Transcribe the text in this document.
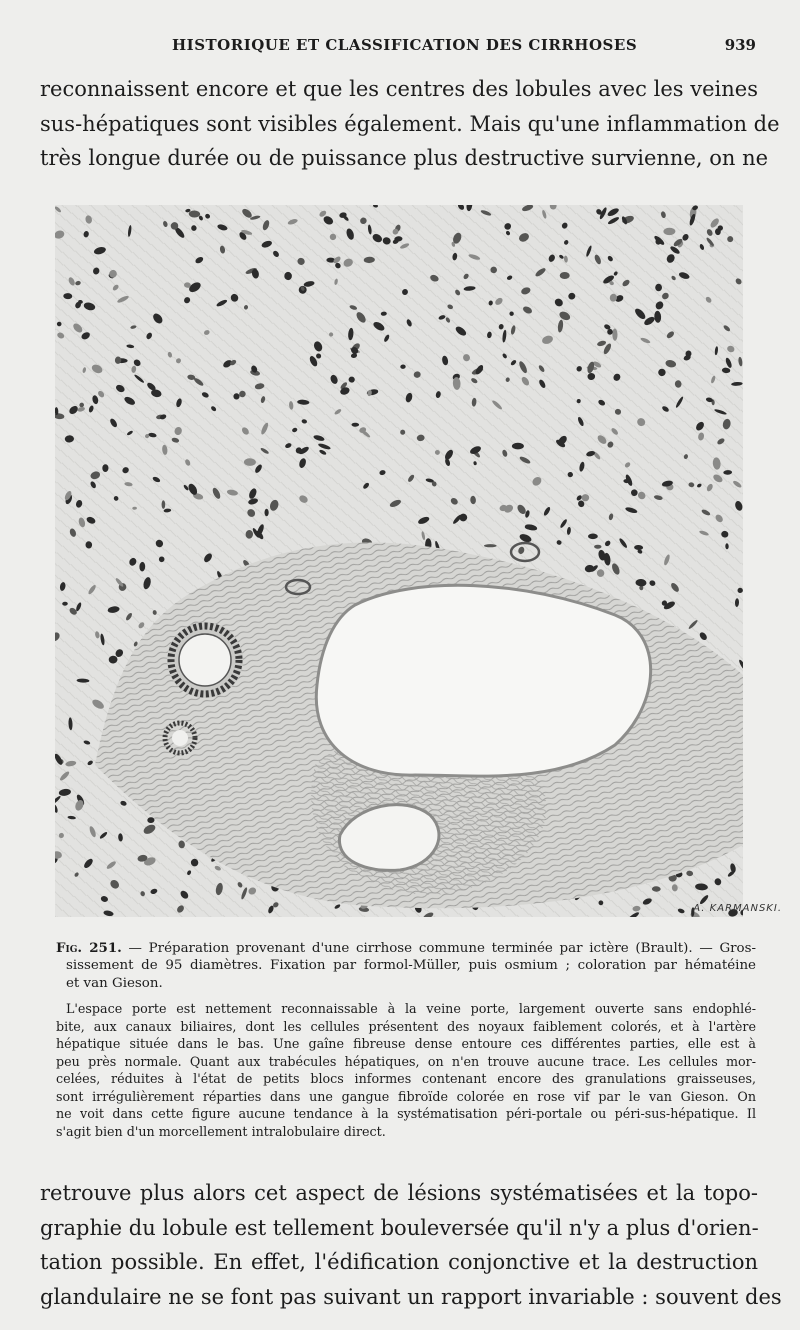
HISTORIQUE ET CLASSIFICATION DES CIRRHOSES	939

reconnaissent encore et que les centres des lobules avec les veines
sus-hépatiques sont visibles également. Mais qu'une inflammation de
très longue durée ou de puissance plus destructive survienne, on ne

A. KARMANSKI.

Fig. 251. — Préparation provenant d'une cirrhose commune terminée par ictère (Brault). — Gros-
sissement de 95 diamètres. Fixation par formol-Müller, puis osmium ; coloration par hématéine
et van Gieson.

L'espace porte est nettement reconnaissable à la veine porte, largement ouverte sans endophlé-
bite, aux canaux biliaires, dont les cellules présentent des noyaux faiblement colorés, et à l'artère
hépatique située dans le bas. Une gaîne fibreuse dense entoure ces différentes parties, elle est à
peu près normale. Quant aux trabécules hépatiques, on n'en trouve aucune trace. Les cellules mor-
celées, réduites à l'état de petits blocs informes contenant encore des granulations graisseuses,
sont irrégulièrement réparties dans une gangue fibroïde colorée en rose vif par le van Gieson. On
ne voit dans cette figure aucune tendance à la systématisation péri-portale ou péri-sus-hépatique. Il
s'agit bien d'un morcellement intralobulaire direct.

retrouve plus alors cet aspect de lésions systématisées et la topo-
graphie du lobule est tellement bouleversée qu'il n'y a plus d'orien-
tation possible. En effet, l'édification conjonctive et la destruction
glandulaire ne se font pas suivant un rapport invariable : souvent des
